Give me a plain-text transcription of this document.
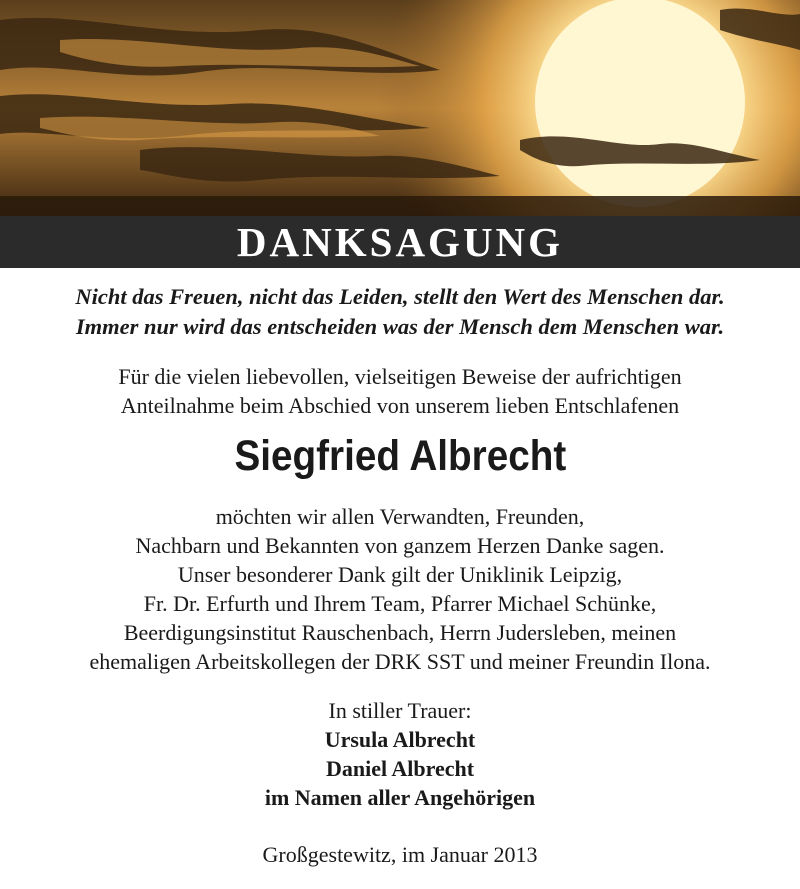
DANKSAGUNG
Nicht das Freuen, nicht das Leiden, stellt den Wert des Menschen dar.
Immer nur wird das entscheiden was der Mensch dem Menschen war.
Für die vielen liebevollen, vielseitigen Beweise der aufrichtigen
Anteilnahme beim Abschied von unserem lieben Entschlafenen
Siegfried Albrecht
möchten wir allen Verwandten, Freunden,
Nachbarn und Bekannten von ganzem Herzen Danke sagen.
Unser besonderer Dank gilt der Uniklinik Leipzig,
Fr. Dr. Erfurth und Ihrem Team, Pfarrer Michael Schünke,
Beerdigungsinstitut Rauschenbach, Herrn Judersleben, meinen
ehemaligen Arbeitskollegen der DRK SST und meiner Freundin Ilona.
In stiller Trauer:
Ursula Albrecht
Daniel Albrecht
im Namen aller Angehörigen
Großgestewitz, im Januar 2013
